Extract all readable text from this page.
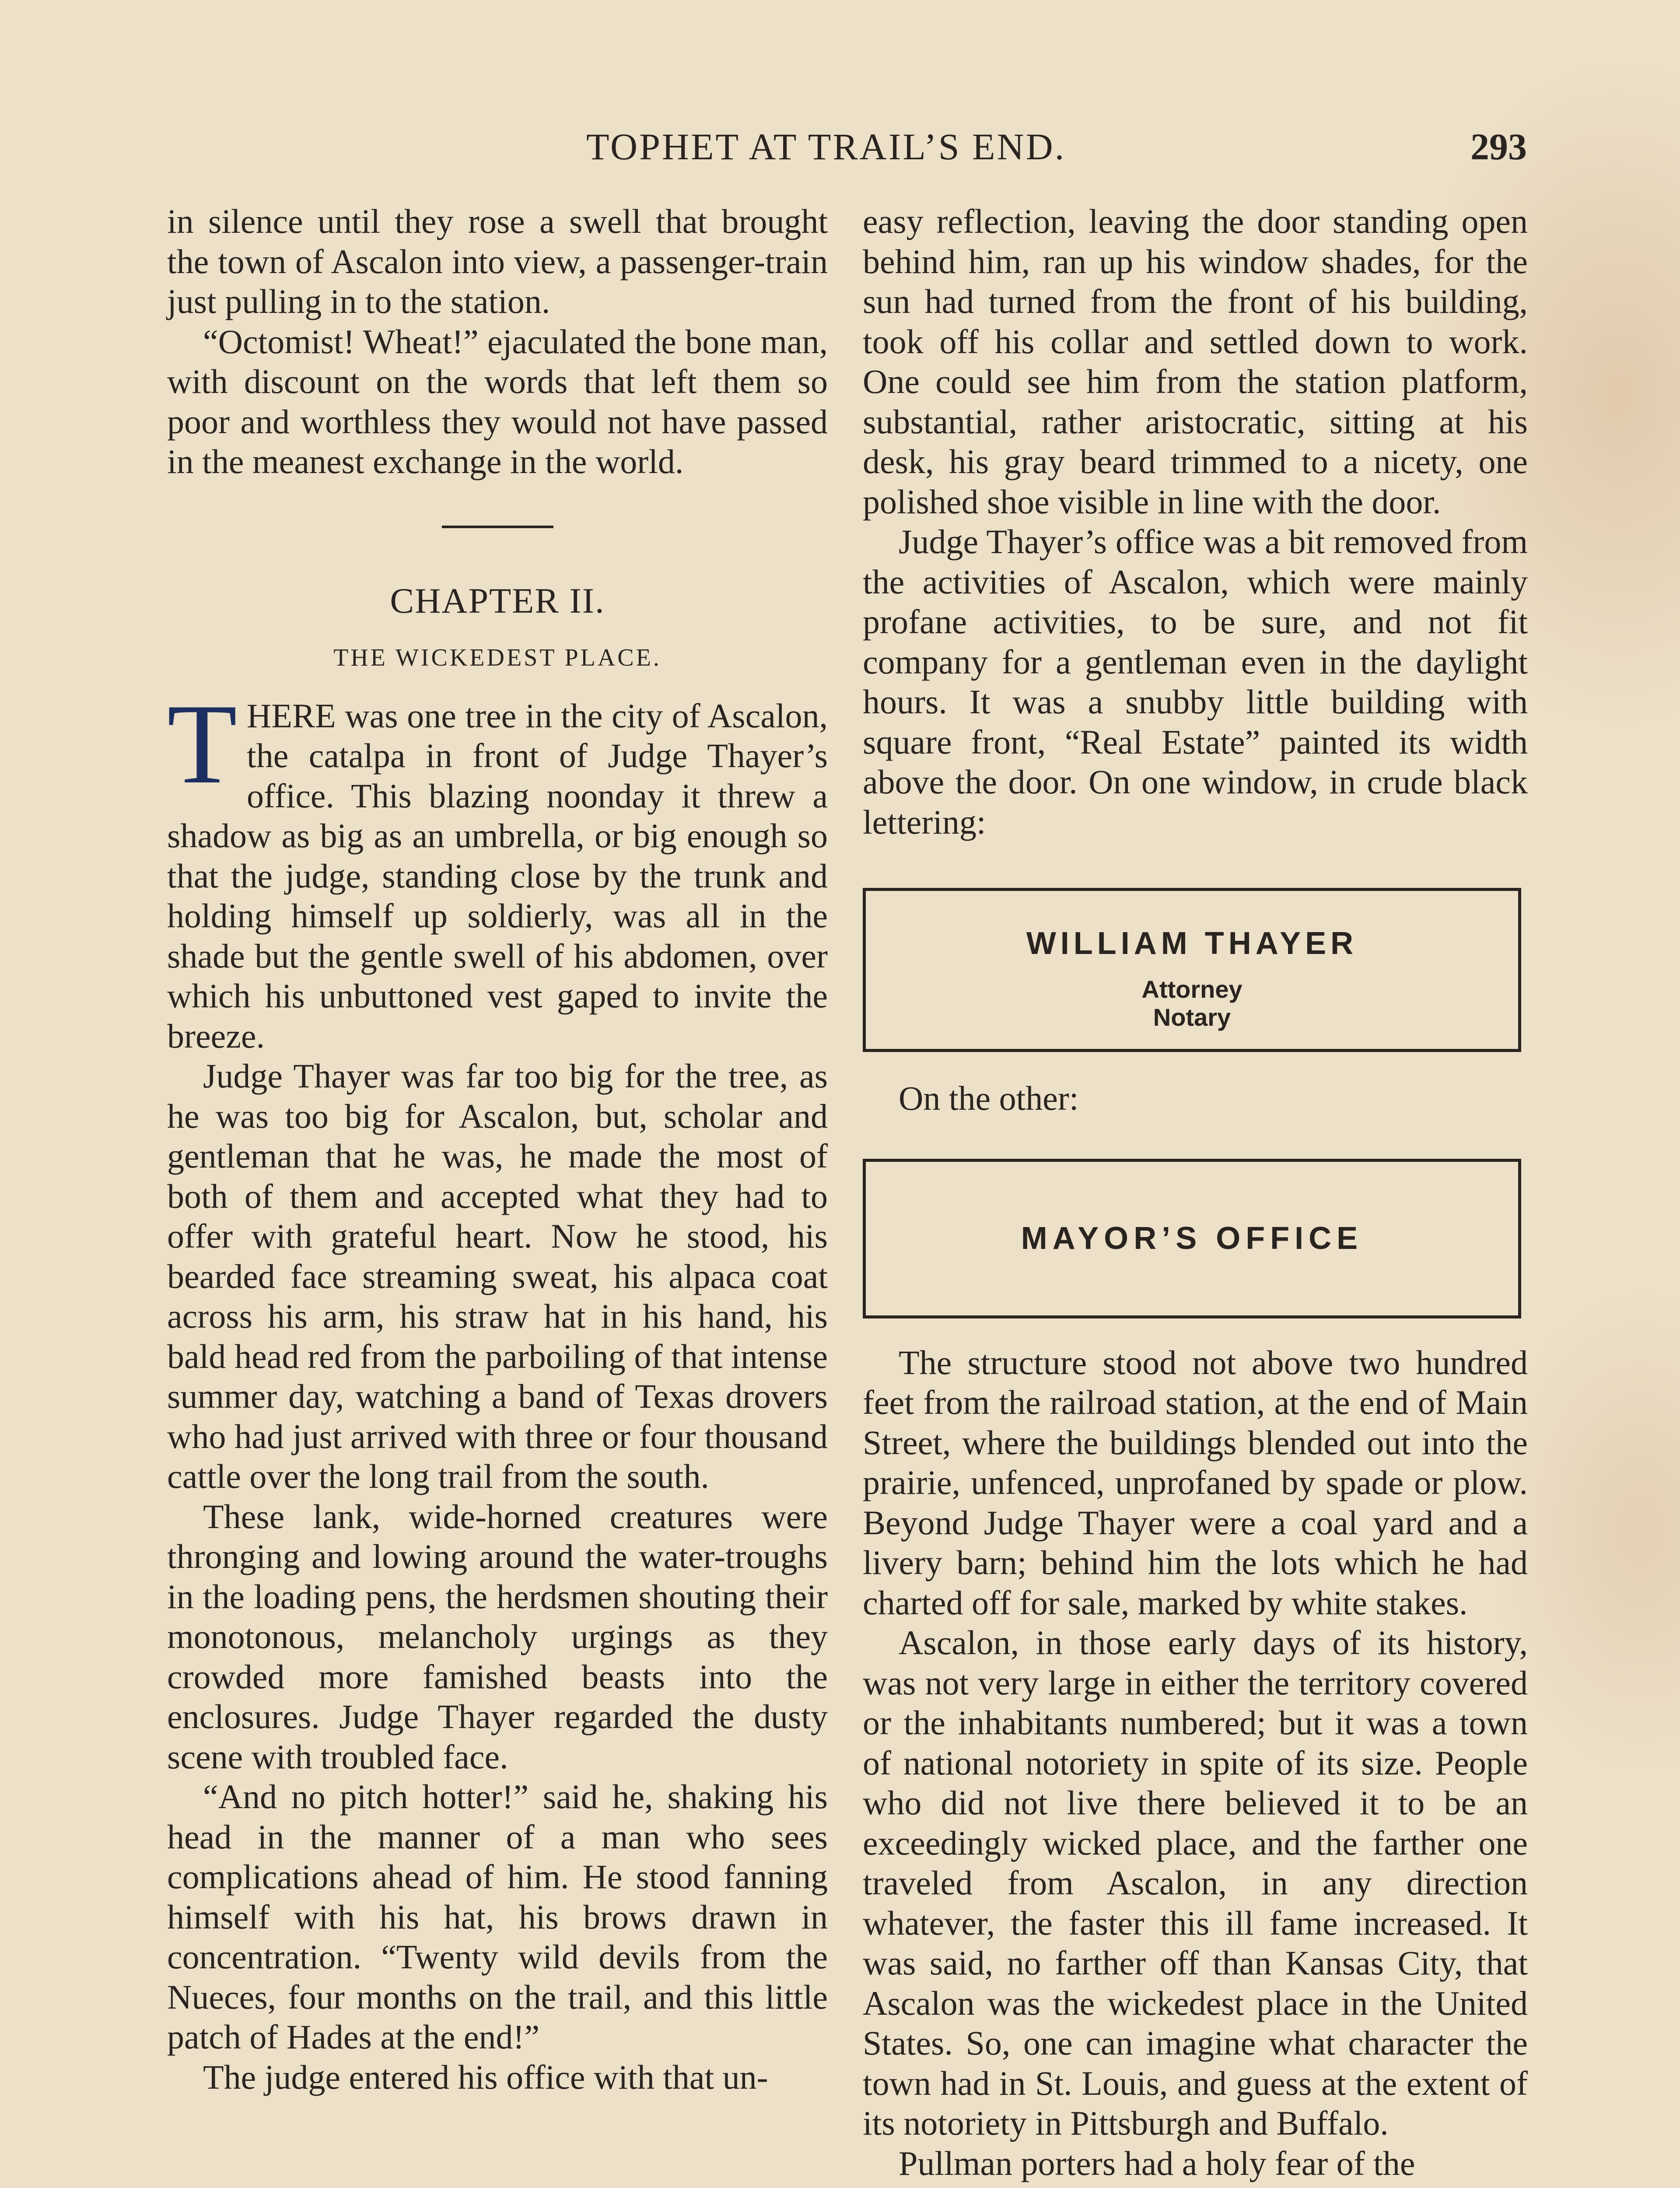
TOPHET AT TRAIL’S END.	293

in silence until they rose a swell that brought the town of Ascalon into view, a passenger-train just pulling in to the station.

“Octomist! Wheat!” ejaculated the bone man, with discount on the words that left them so poor and worthless they would not have passed in the meanest exchange in the world.

CHAPTER II.
THE WICKEDEST PLACE.

THERE was one tree in the city of Ascalon, the catalpa in front of Judge Thayer’s office. This blazing noonday it threw a shadow as big as an umbrella, or big enough so that the judge, standing close by the trunk and holding himself up soldierly, was all in the shade but the gentle swell of his abdomen, over which his unbuttoned vest gaped to invite the breeze.

Judge Thayer was far too big for the tree, as he was too big for Ascalon, but, scholar and gentleman that he was, he made the most of both of them and accepted what they had to offer with grateful heart. Now he stood, his bearded face streaming sweat, his alpaca coat across his arm, his straw hat in his hand, his bald head red from the parboiling of that intense summer day, watching a band of Texas drovers who had just arrived with three or four thousand cattle over the long trail from the south.

These lank, wide-horned creatures were thronging and lowing around the water-troughs in the loading pens, the herdsmen shouting their monotonous, melancholy urgings as they crowded more famished beasts into the enclosures. Judge Thayer regarded the dusty scene with troubled face.

“And no pitch hotter!” said he, shaking his head in the manner of a man who sees complications ahead of him. He stood fanning himself with his hat, his brows drawn in concentration. “Twenty wild devils from the Nueces, four months on the trail, and this little patch of Hades at the end!”

The judge entered his office with that un-

easy reflection, leaving the door standing open behind him, ran up his window shades, for the sun had turned from the front of his building, took off his collar and settled down to work. One could see him from the station platform, substantial, rather aristocratic, sitting at his desk, his gray beard trimmed to a nicety, one polished shoe visible in line with the door.

Judge Thayer’s office was a bit removed from the activities of Ascalon, which were mainly profane activities, to be sure, and not fit company for a gentleman even in the daylight hours. It was a snubby little building with square front, “Real Estate” painted its width above the door. On one window, in crude black lettering:

WILLIAM THAYER
Attorney
Notary

On the other:

MAYOR’S OFFICE

The structure stood not above two hundred feet from the railroad station, at the end of Main Street, where the buildings blended out into the prairie, unfenced, unprofaned by spade or plow. Beyond Judge Thayer were a coal yard and a livery barn; behind him the lots which he had charted off for sale, marked by white stakes.

Ascalon, in those early days of its history, was not very large in either the territory covered or the inhabitants numbered; but it was a town of national notoriety in spite of its size. People who did not live there believed it to be an exceedingly wicked place, and the farther one traveled from Ascalon, in any direction whatever, the faster this ill fame increased. It was said, no farther off than Kansas City, that Ascalon was the wickedest place in the United States. So, one can imagine what character the town had in St. Louis, and guess at the extent of its notoriety in Pittsburgh and Buffalo.

Pullman porters had a holy fear of the
